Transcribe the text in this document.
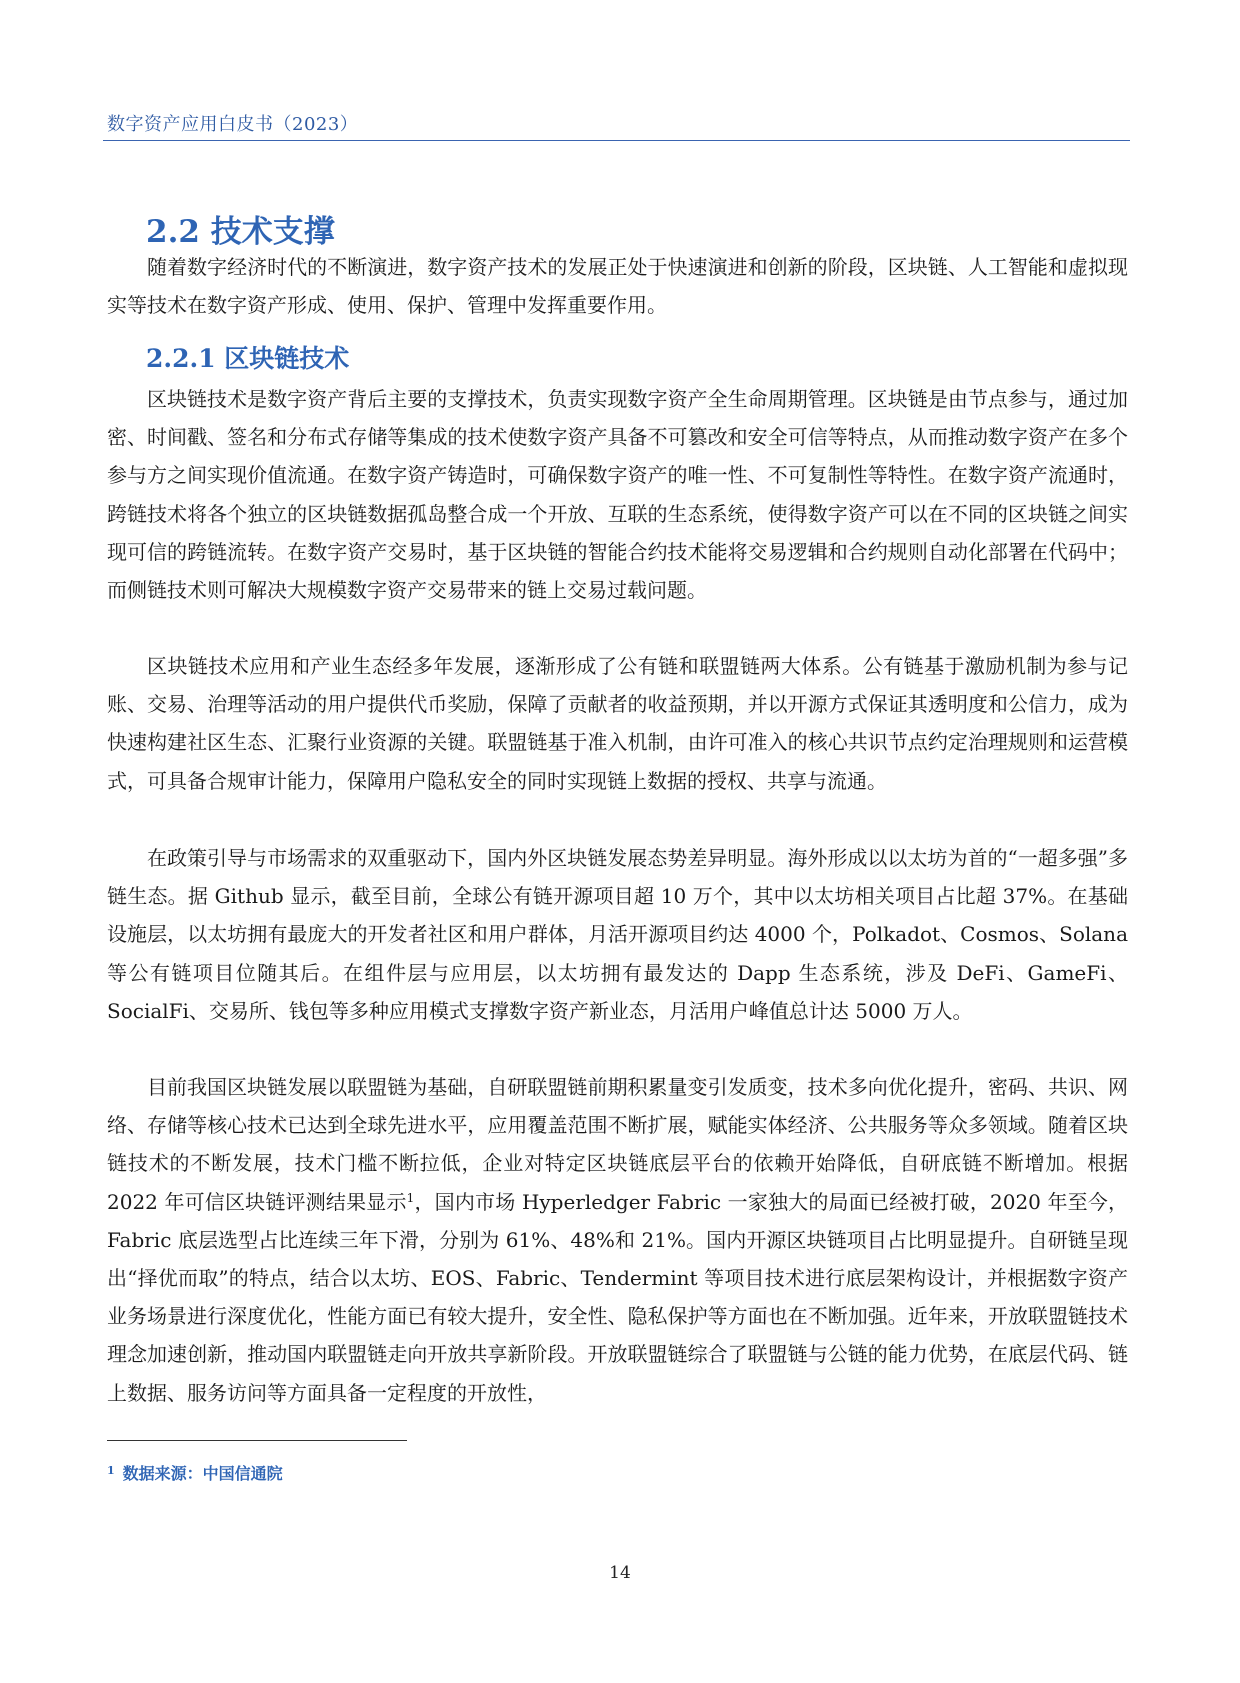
数字资产应用白皮书（2023）
2.2 技术支撑

随着数字经济时代的不断演进，数字资产技术的发展正处于快速演进和创新的阶段，区块链、人工智能和虚拟现实等技术在数字资产形成、使用、保护、管理中发挥重要作用。

2.2.1 区块链技术

区块链技术是数字资产背后主要的支撑技术，负责实现数字资产全生命周期管理。区块链是由节点参与，通过加密、时间戳、签名和分布式存储等集成的技术使数字资产具备不可篡改和安全可信等特点，从而推动数字资产在多个参与方之间实现价值流通。在数字资产铸造时，可确保数字资产的唯一性、不可复制性等特性。在数字资产流通时，跨链技术将各个独立的区块链数据孤岛整合成一个开放、互联的生态系统，使得数字资产可以在不同的区块链之间实现可信的跨链流转。在数字资产交易时，基于区块链的智能合约技术能将交易逻辑和合约规则自动化部署在代码中；而侧链技术则可解决大规模数字资产交易带来的链上交易过载问题。

区块链技术应用和产业生态经多年发展，逐渐形成了公有链和联盟链两大体系。公有链基于激励机制为参与记账、交易、治理等活动的用户提供代币奖励，保障了贡献者的收益预期，并以开源方式保证其透明度和公信力，成为快速构建社区生态、汇聚行业资源的关键。联盟链基于准入机制，由许可准入的核心共识节点约定治理规则和运营模式，可具备合规审计能力，保障用户隐私安全的同时实现链上数据的授权、共享与流通。

在政策引导与市场需求的双重驱动下，国内外区块链发展态势差异明显。海外形成以以太坊为首的“一超多强”多链生态。据 Github 显示，截至目前，全球公有链开源项目超 10 万个，其中以太坊相关项目占比超 37%。在基础设施层，以太坊拥有最庞大的开发者社区和用户群体，月活开源项目约达 4000 个，Polkadot、Cosmos、Solana 等公有链项目位随其后。在组件层与应用层，以太坊拥有最发达的 Dapp 生态系统，涉及 DeFi、GameFi、SocialFi、交易所、钱包等多种应用模式支撑数字资产新业态，月活用户峰值总计达 5000 万人。

目前我国区块链发展以联盟链为基础，自研联盟链前期积累量变引发质变，技术多向优化提升，密码、共识、网络、存储等核心技术已达到全球先进水平，应用覆盖范围不断扩展，赋能实体经济、公共服务等众多领域。随着区块链技术的不断发展，技术门槛不断拉低，企业对特定区块链底层平台的依赖开始降低，自研底链不断增加。根据 2022 年可信区块链评测结果显示$^1$，国内市场 Hyperledger Fabric 一家独大的局面已经被打破，2020 年至今，Fabric 底层选型占比连续三年下滑，分别为 61%、48%和 21%。国内开源区块链项目占比明显提升。自研链呈现出“择优而取”的特点，结合以太坊、EOS、Fabric、Tendermint 等项目技术进行底层架构设计，并根据数字资产业务场景进行深度优化，性能方面已有较大提升，安全性、隐私保护等方面也在不断加强。近年来，开放联盟链技术理念加速创新，推动国内联盟链走向开放共享新阶段。开放联盟链综合了联盟链与公链的能力优势，在底层代码、链上数据、服务访问等方面具备一定程度的开放性，

$^1$ 数据来源：中国信通院
14
